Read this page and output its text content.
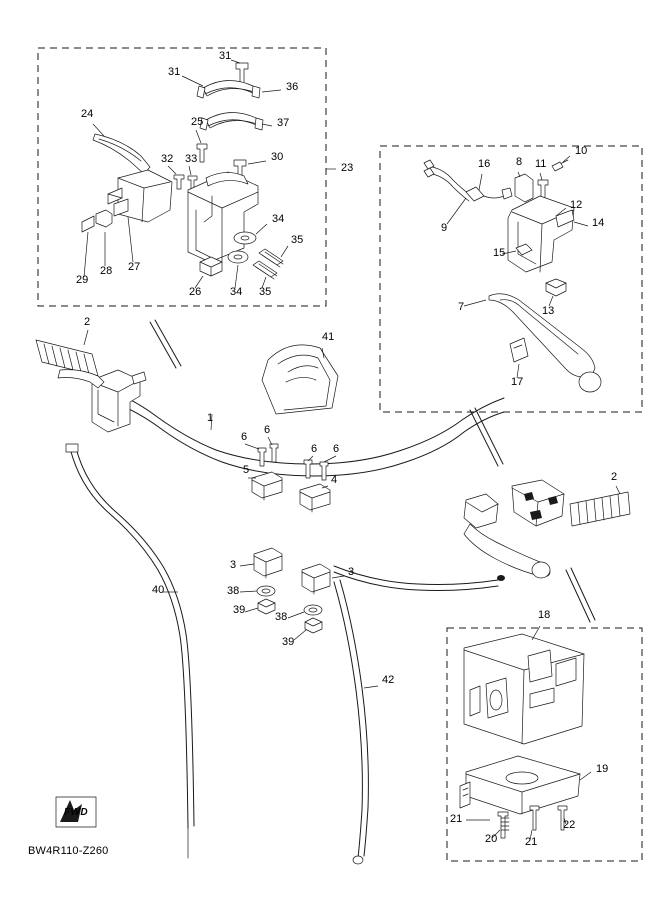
31
31
36
24
25	37
30
23
32 33
34
35
29
28 27
26	34 35
16 8 11
10
12
14
9
15
13
7
17
2
41
1
6
6
6 6
5
4	2
3
3
38
39
38
39
40
42
18
19
21
20	21
22
FWD
BW4R110-Z260
